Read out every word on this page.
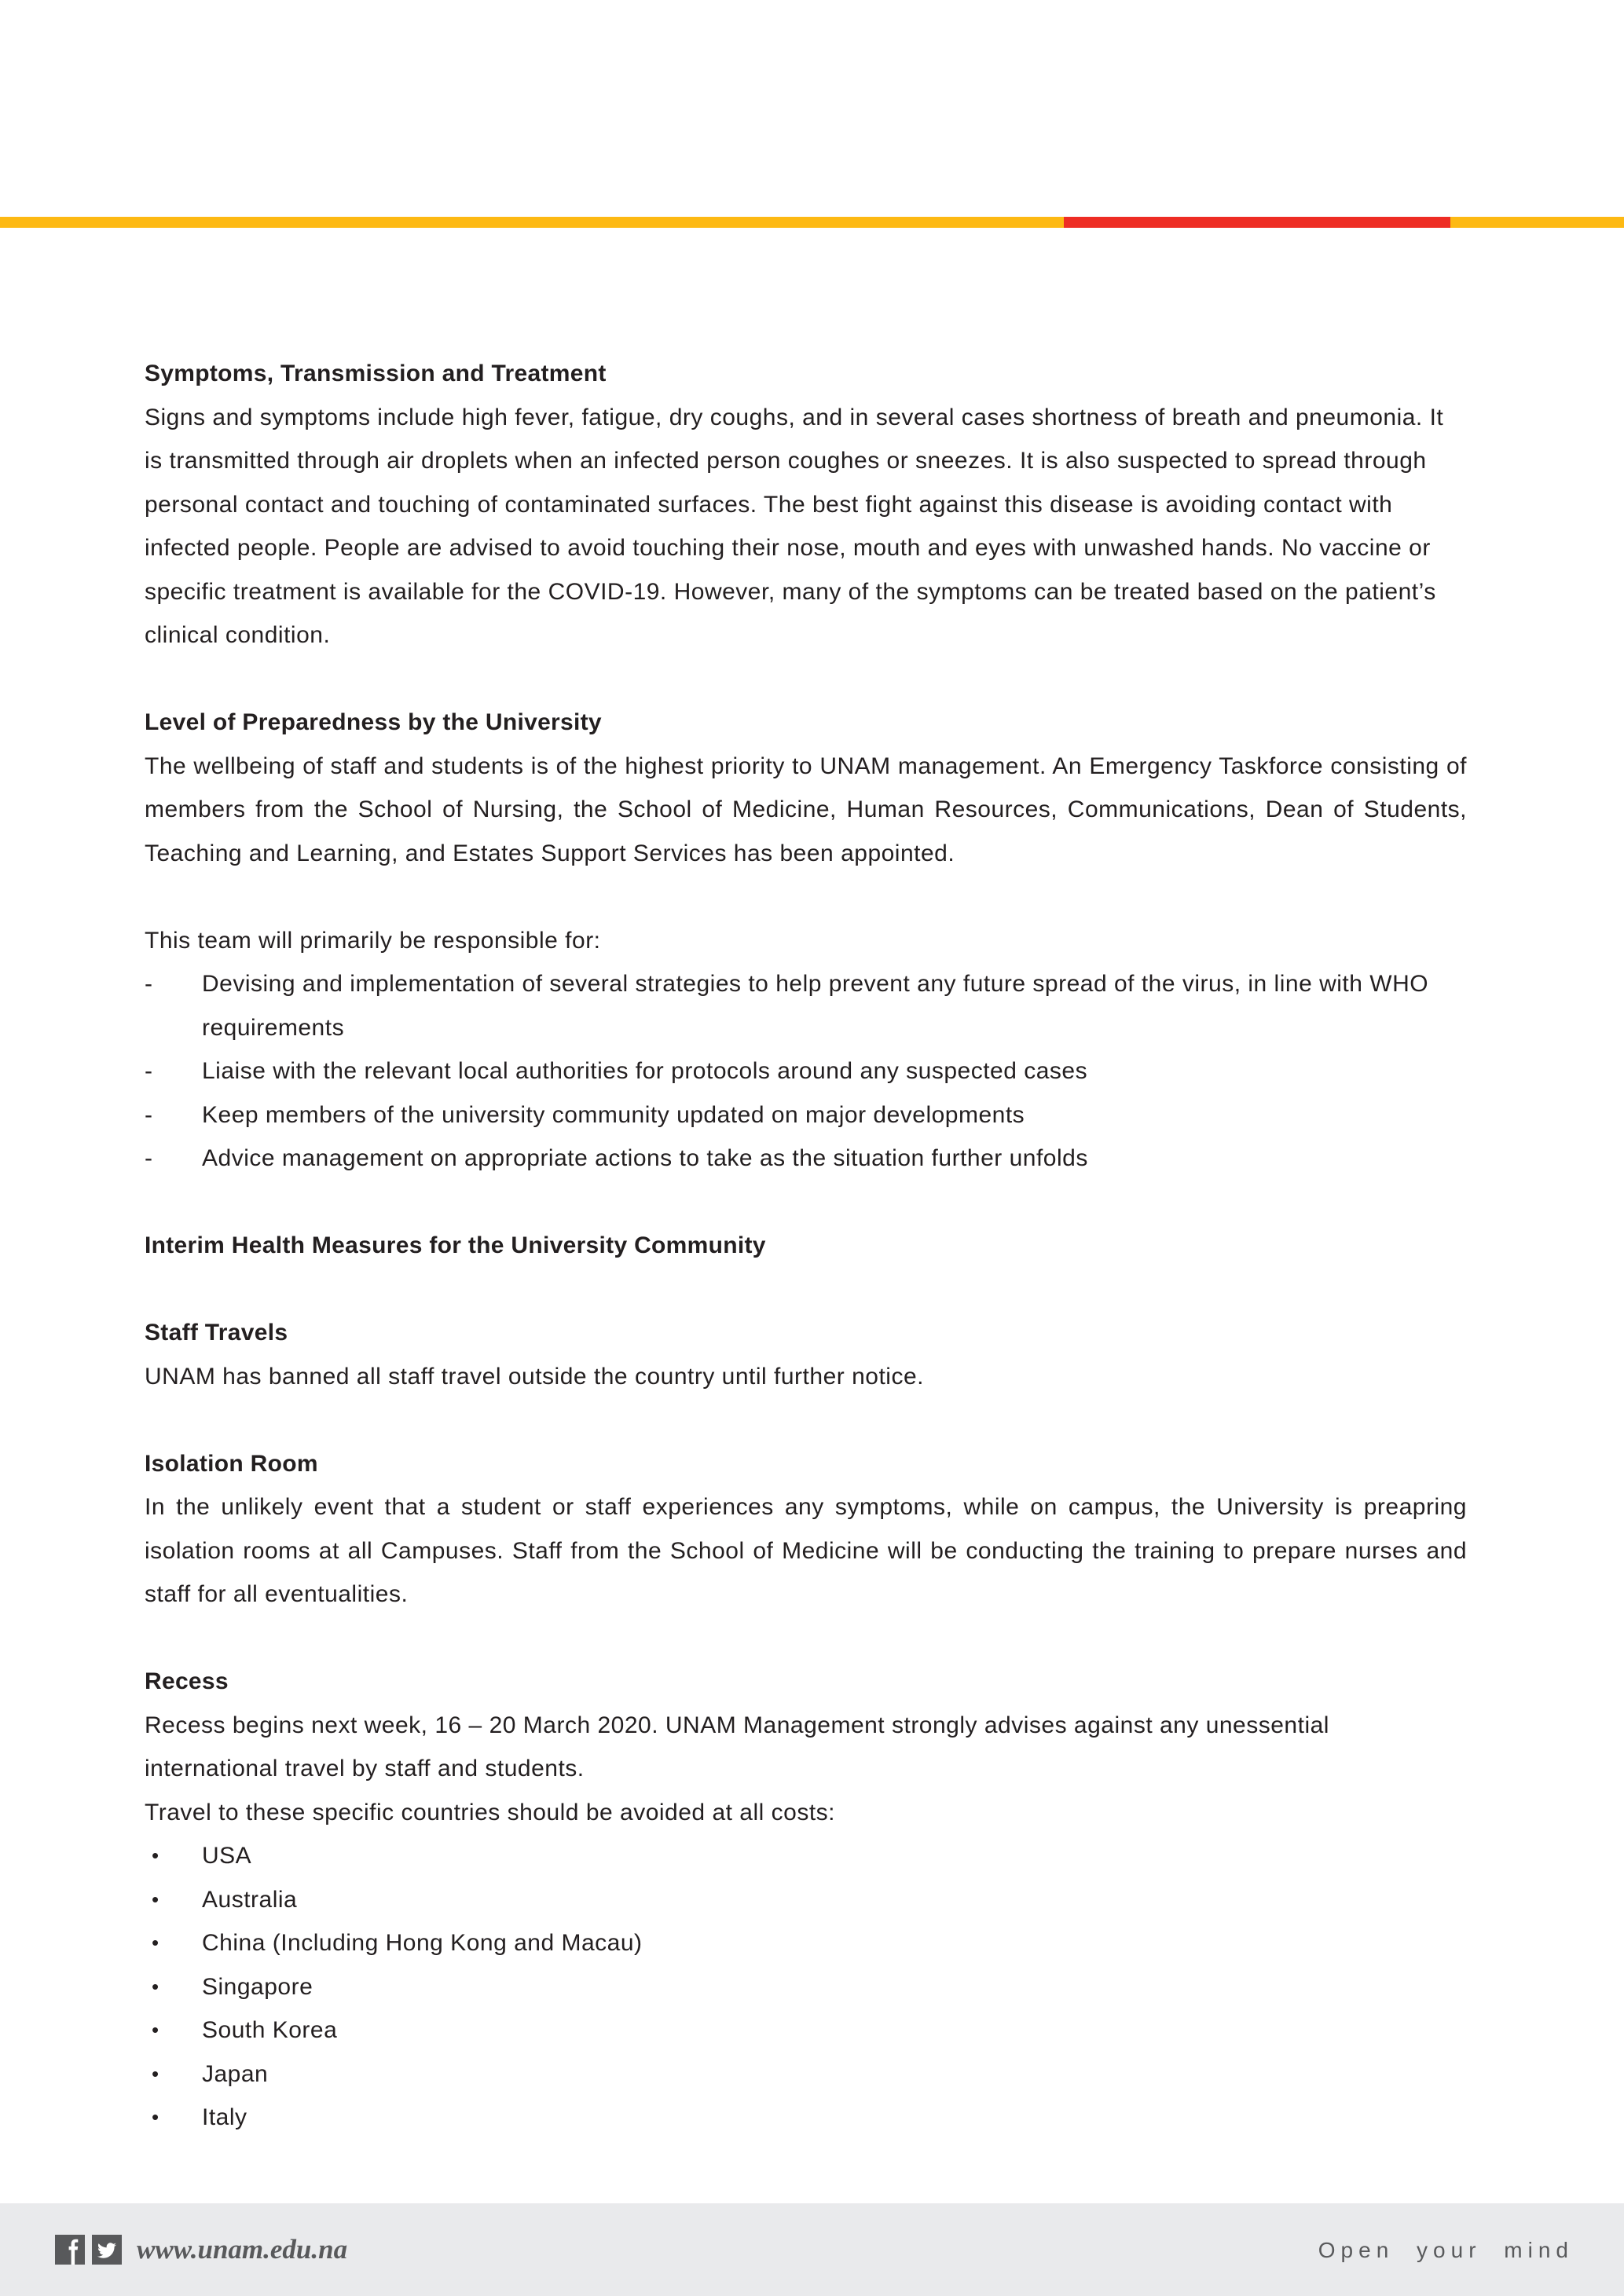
Symptoms, Transmission and Treatment
Signs and symptoms include high fever, fatigue, dry coughs, and in several cases shortness of breath and pneumonia. It is transmitted through air droplets when an infected person coughes or sneezes. It is also suspected to spread through personal contact and touching of contaminated surfaces. The best fight against this disease is avoiding contact with infected people. People are advised to avoid touching their nose, mouth and eyes with unwashed hands. No vaccine or specific treatment is available for the COVID-19. However, many of the symptoms can be treated based on the patient’s clinical condition.
Level of Preparedness by the University
The wellbeing of staff and students is of the highest priority to UNAM management. An Emergency Taskforce consisting of members from the School of Nursing, the School of Medicine, Human Resources, Communications, Dean of Students, Teaching and Learning, and Estates Support Services has been appointed.
This team will primarily be responsible for:
- Devising and implementation of several strategies to help prevent any future spread of the virus, in line with WHO requirements
- Liaise with the relevant local authorities for protocols around any suspected cases
- Keep members of the university community updated on major developments
- Advice management on appropriate actions to take as the situation further unfolds
Interim Health Measures for the University Community
Staff Travels
UNAM has banned all staff travel outside the country until further notice.
Isolation Room
In the unlikely event that a student or staff experiences any symptoms, while on campus, the University is preapring isolation rooms at all Campuses. Staff from the School of Medicine will be conducting the training to prepare nurses and staff for all eventualities.
Recess
Recess begins next week, 16 – 20 March 2020. UNAM Management strongly advises against any unessential international travel by staff and students.
Travel to these specific countries should be avoided at all costs:
• USA
• Australia
• China (Including Hong Kong and Macau)
• Singapore
• South Korea
• Japan
• Italy
www.unam.edu.na	Open your mind
